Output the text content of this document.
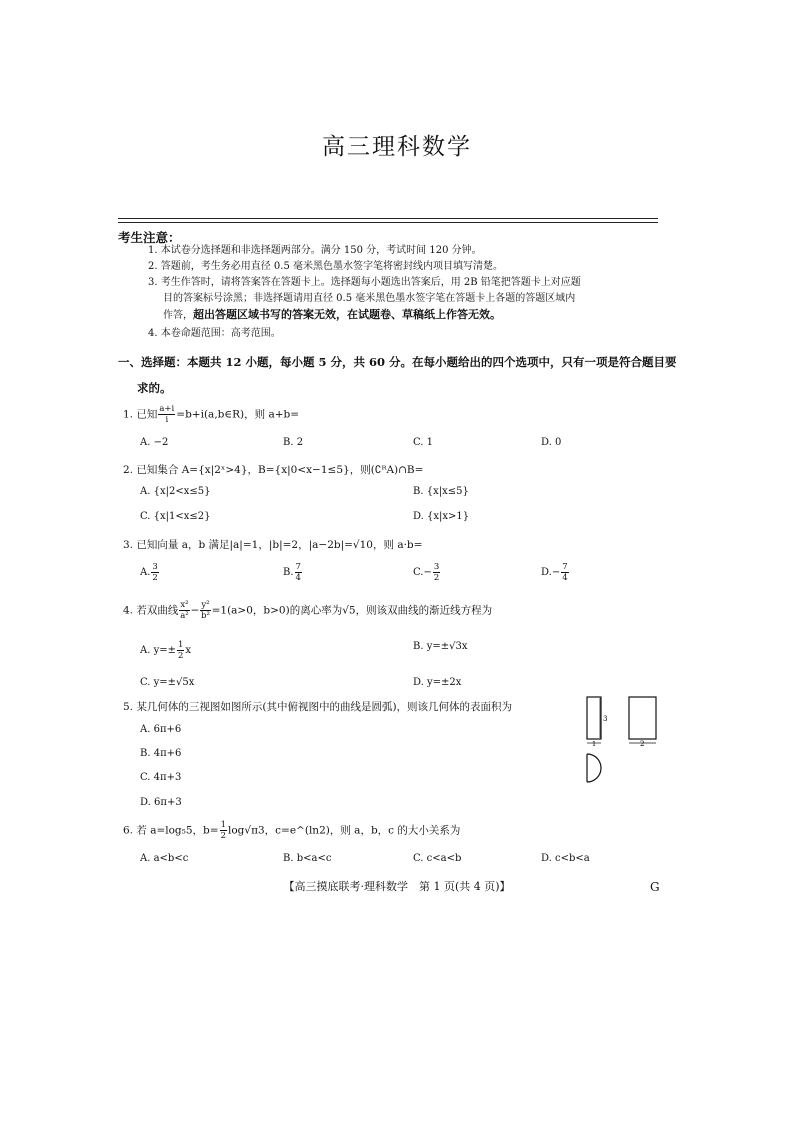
高三理科数学
考生注意：
1. 本试卷分选择题和非选择题两部分。满分 150 分，考试时间 120 分钟。
2. 答题前，考生务必用直径 0.5 毫米黑色墨水签字笔将密封线内项目填写清楚。
3. 考生作答时，请将答案答在答题卡上。选择题每小题选出答案后，用 2B 铅笔把答题卡上对应题
目的答案标号涂黑；非选择题请用直径 0.5 毫米黑色墨水签字笔在答题卡上各题的答题区域内
作答，超出答题区域书写的答案无效，在试题卷、草稿纸上作答无效。
4. 本卷命题范围：高考范围。
一、选择题：本题共 12 小题，每小题 5 分，共 60 分。在每小题给出的四个选项中，只有一项是符合题目要
求的。
1. 已知 $\frac{a+i}{i}$ =b+i(a,b∈R)，则 a+b=
A. −2	B. 2	C. 1	D. 0
2. 已知集合 A={x|2ˣ>4}，B={x|0<x−1≤5}，则(∁ᴿA)∩B=
A. {x|2<x≤5}	B. {x|x≤5}
C. {x|1<x≤2}	D. {x|x>1}
3. 已知向量 a，b 满足|a|=1，|b|=2，|a−2b|=√10，则 a·b=
A. $\frac{3}{2}$	B. $\frac{7}{4}$	$C.- \frac{3}{2}$	$D.- \frac{7}{4}$
4. 若双曲线 $\frac{\text{x²}}{\text{a²}} - \frac{\text{y²}}{\text{b²}} =1(a>0$，b>0)的离心率为√5，则该双曲线的渐近线方程为
A. $y=\pm \frac{1}{2}$ x	B. y=±√3x
C. y=±√5x	D. y=±2x
5. 某几何体的三视图如图所示(其中俯视图中的曲线是圆弧)，则该几何体的表面积为
A. 6π+6
B. 4π+6
C. 4π+3
D. 6π+3
3
1	2
6. 若 a=log₅5，$b= \frac{1}{2} \log√\pi 3$，c=e^(ln2)，则 a，b，c 的大小关系为
A. a<b<c	B. b<a<c	C. c<a<b	D. c<b<a
【高三摸底联考·理科数学　第 1 页(共 4 页)】	G
